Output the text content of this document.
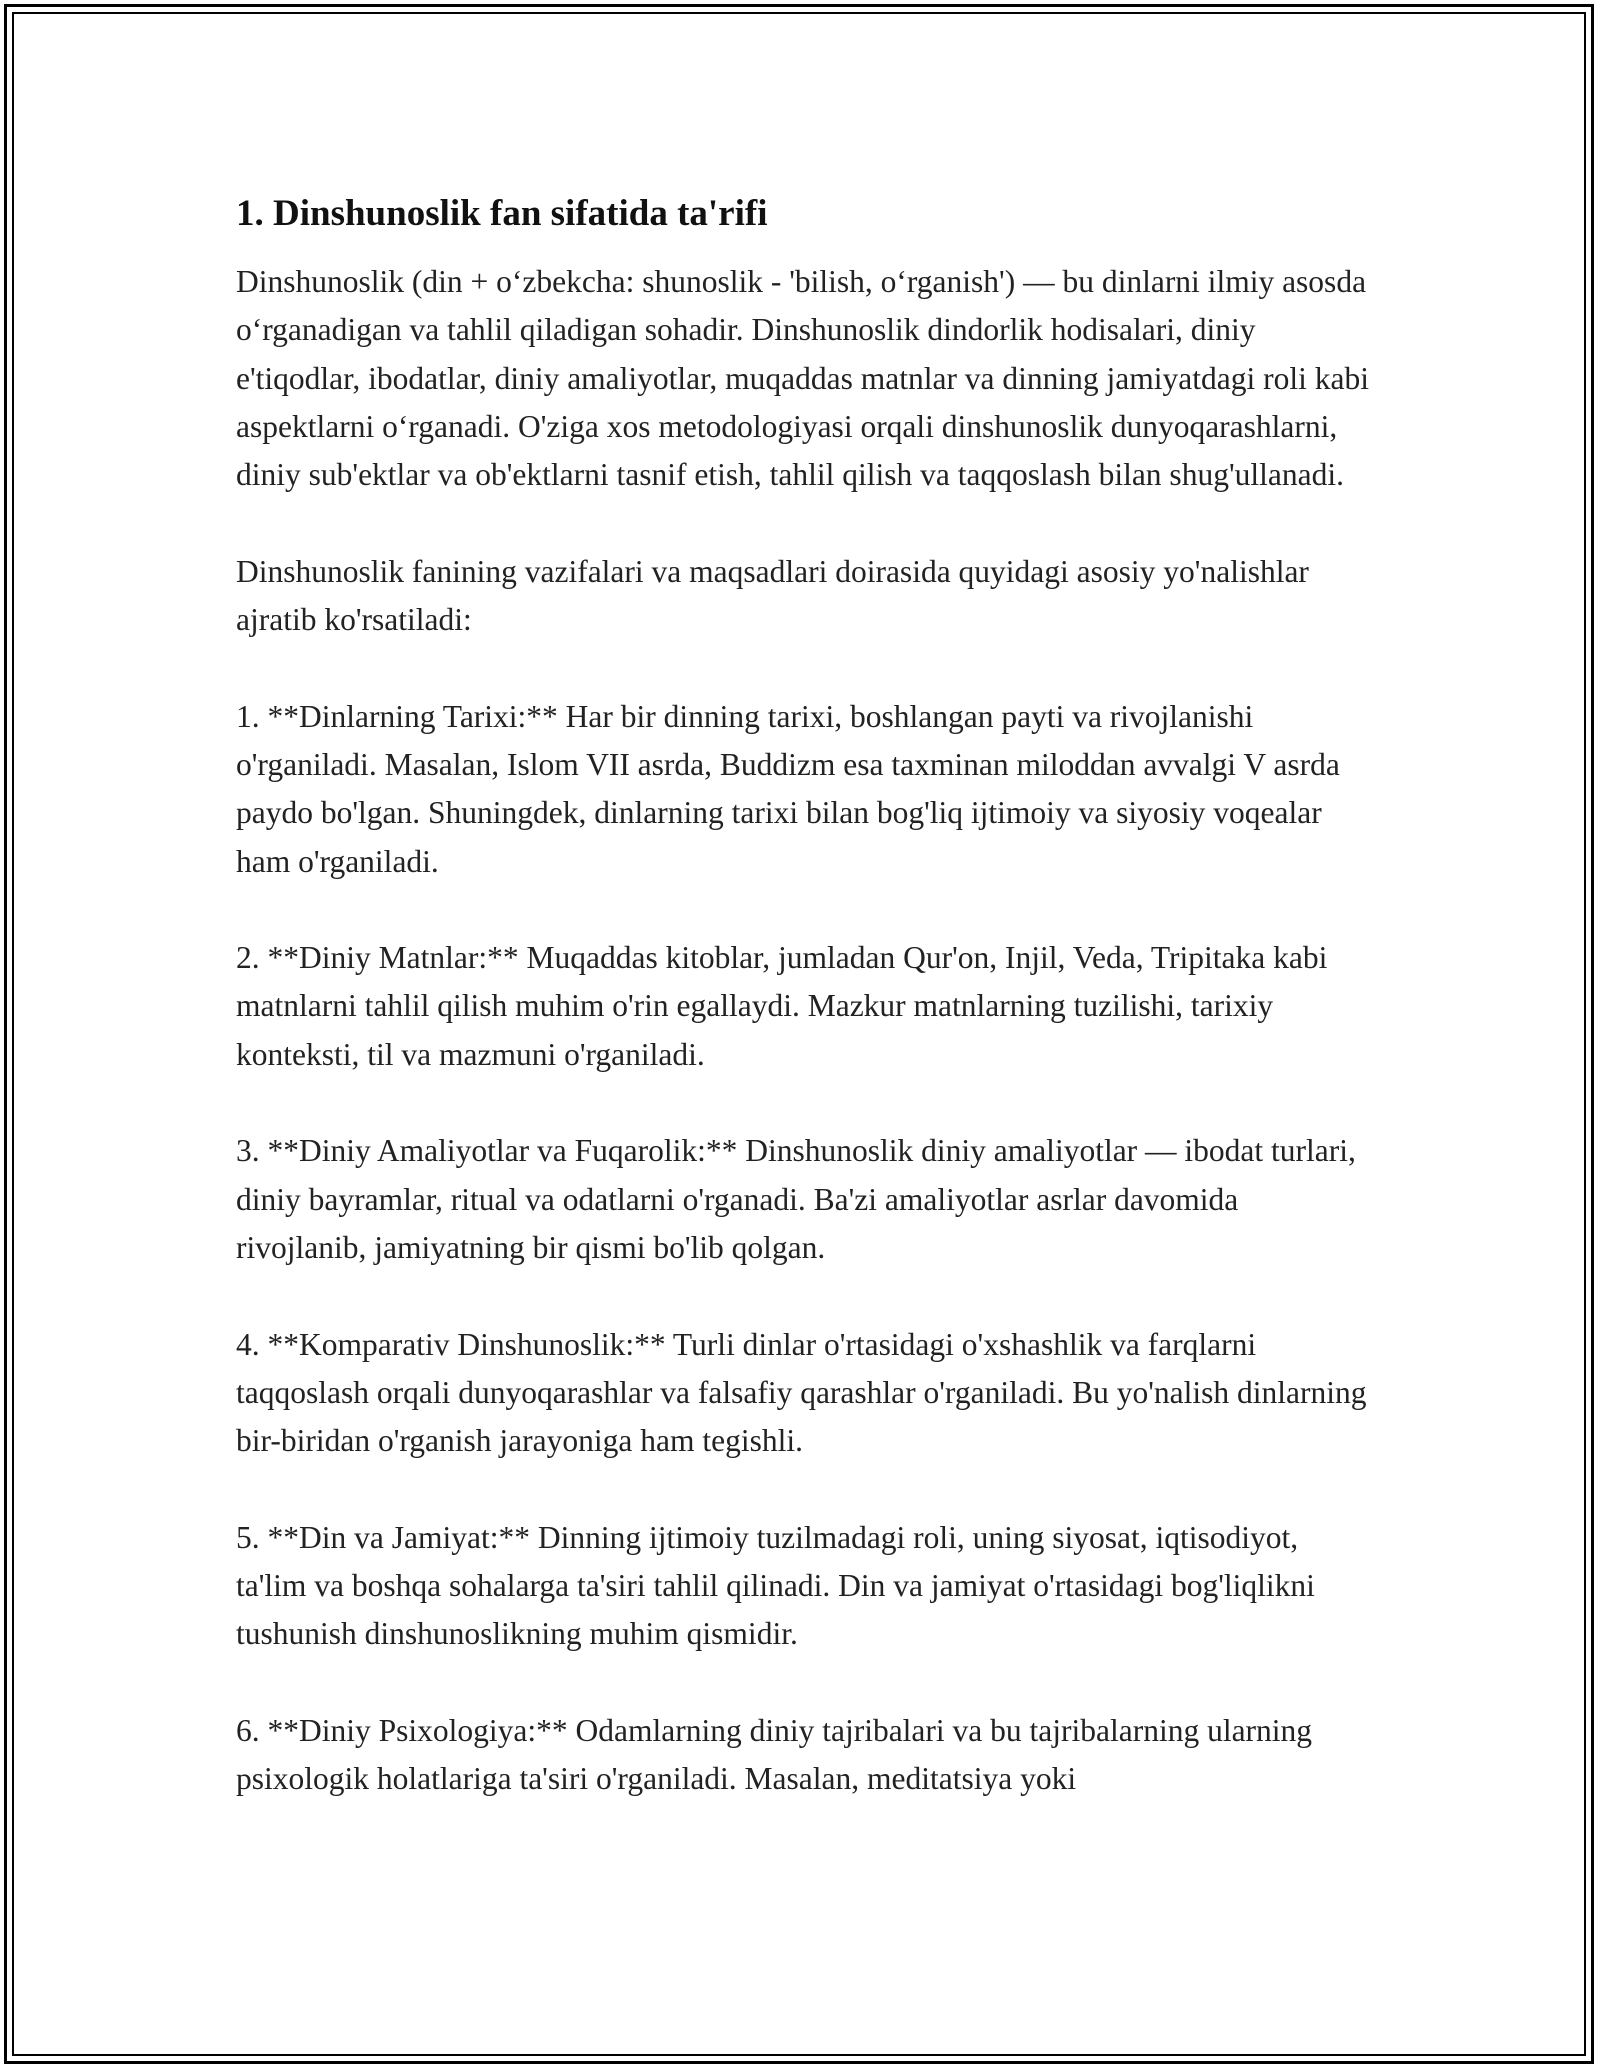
1. Dinshunoslik fan sifatida ta'rifi

Dinshunoslik (din + o‘zbekcha: shunoslik - 'bilish, o‘rganish') — bu dinlarni ilmiy asosda o‘rganadigan va tahlil qiladigan sohadir. Dinshunoslik dindorlik hodisalari, diniy e'tiqodlar, ibodatlar, diniy amaliyotlar, muqaddas matnlar va dinning jamiyatdagi roli kabi aspektlarni o‘rganadi. O'ziga xos metodologiyasi orqali dinshunoslik dunyoqarashlarni, diniy sub'ektlar va ob'ektlarni tasnif etish, tahlil qilish va taqqoslash bilan shug'ullanadi.

Dinshunoslik fanining vazifalari va maqsadlari doirasida quyidagi asosiy yo'nalishlar ajratib ko'rsatiladi:

1. **Dinlarning Tarixi:** Har bir dinning tarixi, boshlangan payti va rivojlanishi o'rganiladi. Masalan, Islom VII asrda, Buddizm esa taxminan miloddan avvalgi V asrda paydo bo'lgan. Shuningdek, dinlarning tarixi bilan bog'liq ijtimoiy va siyosiy voqealar ham o'rganiladi.

2. **Diniy Matnlar:** Muqaddas kitoblar, jumladan Qur'on, Injil, Veda, Tripitaka kabi matnlarni tahlil qilish muhim o'rin egallaydi. Mazkur matnlarning tuzilishi, tarixiy konteksti, til va mazmuni o'rganiladi.

3. **Diniy Amaliyotlar va Fuqarolik:** Dinshunoslik diniy amaliyotlar — ibodat turlari, diniy bayramlar, ritual va odatlarni o'rganadi. Ba'zi amaliyotlar asrlar davomida rivojlanib, jamiyatning bir qismi bo'lib qolgan.

4. **Komparativ Dinshunoslik:** Turli dinlar o'rtasidagi o'xshashlik va farqlarni taqqoslash orqali dunyoqarashlar va falsafiy qarashlar o'rganiladi. Bu yo'nalish dinlarning bir-biridan o'rganish jarayoniga ham tegishli.

5. **Din va Jamiyat:** Dinning ijtimoiy tuzilmadagi roli, uning siyosat, iqtisodiyot, ta'lim va boshqa sohalarga ta'siri tahlil qilinadi. Din va jamiyat o'rtasidagi bog'liqlikni tushunish dinshunoslikning muhim qismidir.

6. **Diniy Psixologiya:** Odamlarning diniy tajribalari va bu tajribalarning ularning psixologik holatlariga ta'siri o'rganiladi. Masalan, meditatsiya yoki
